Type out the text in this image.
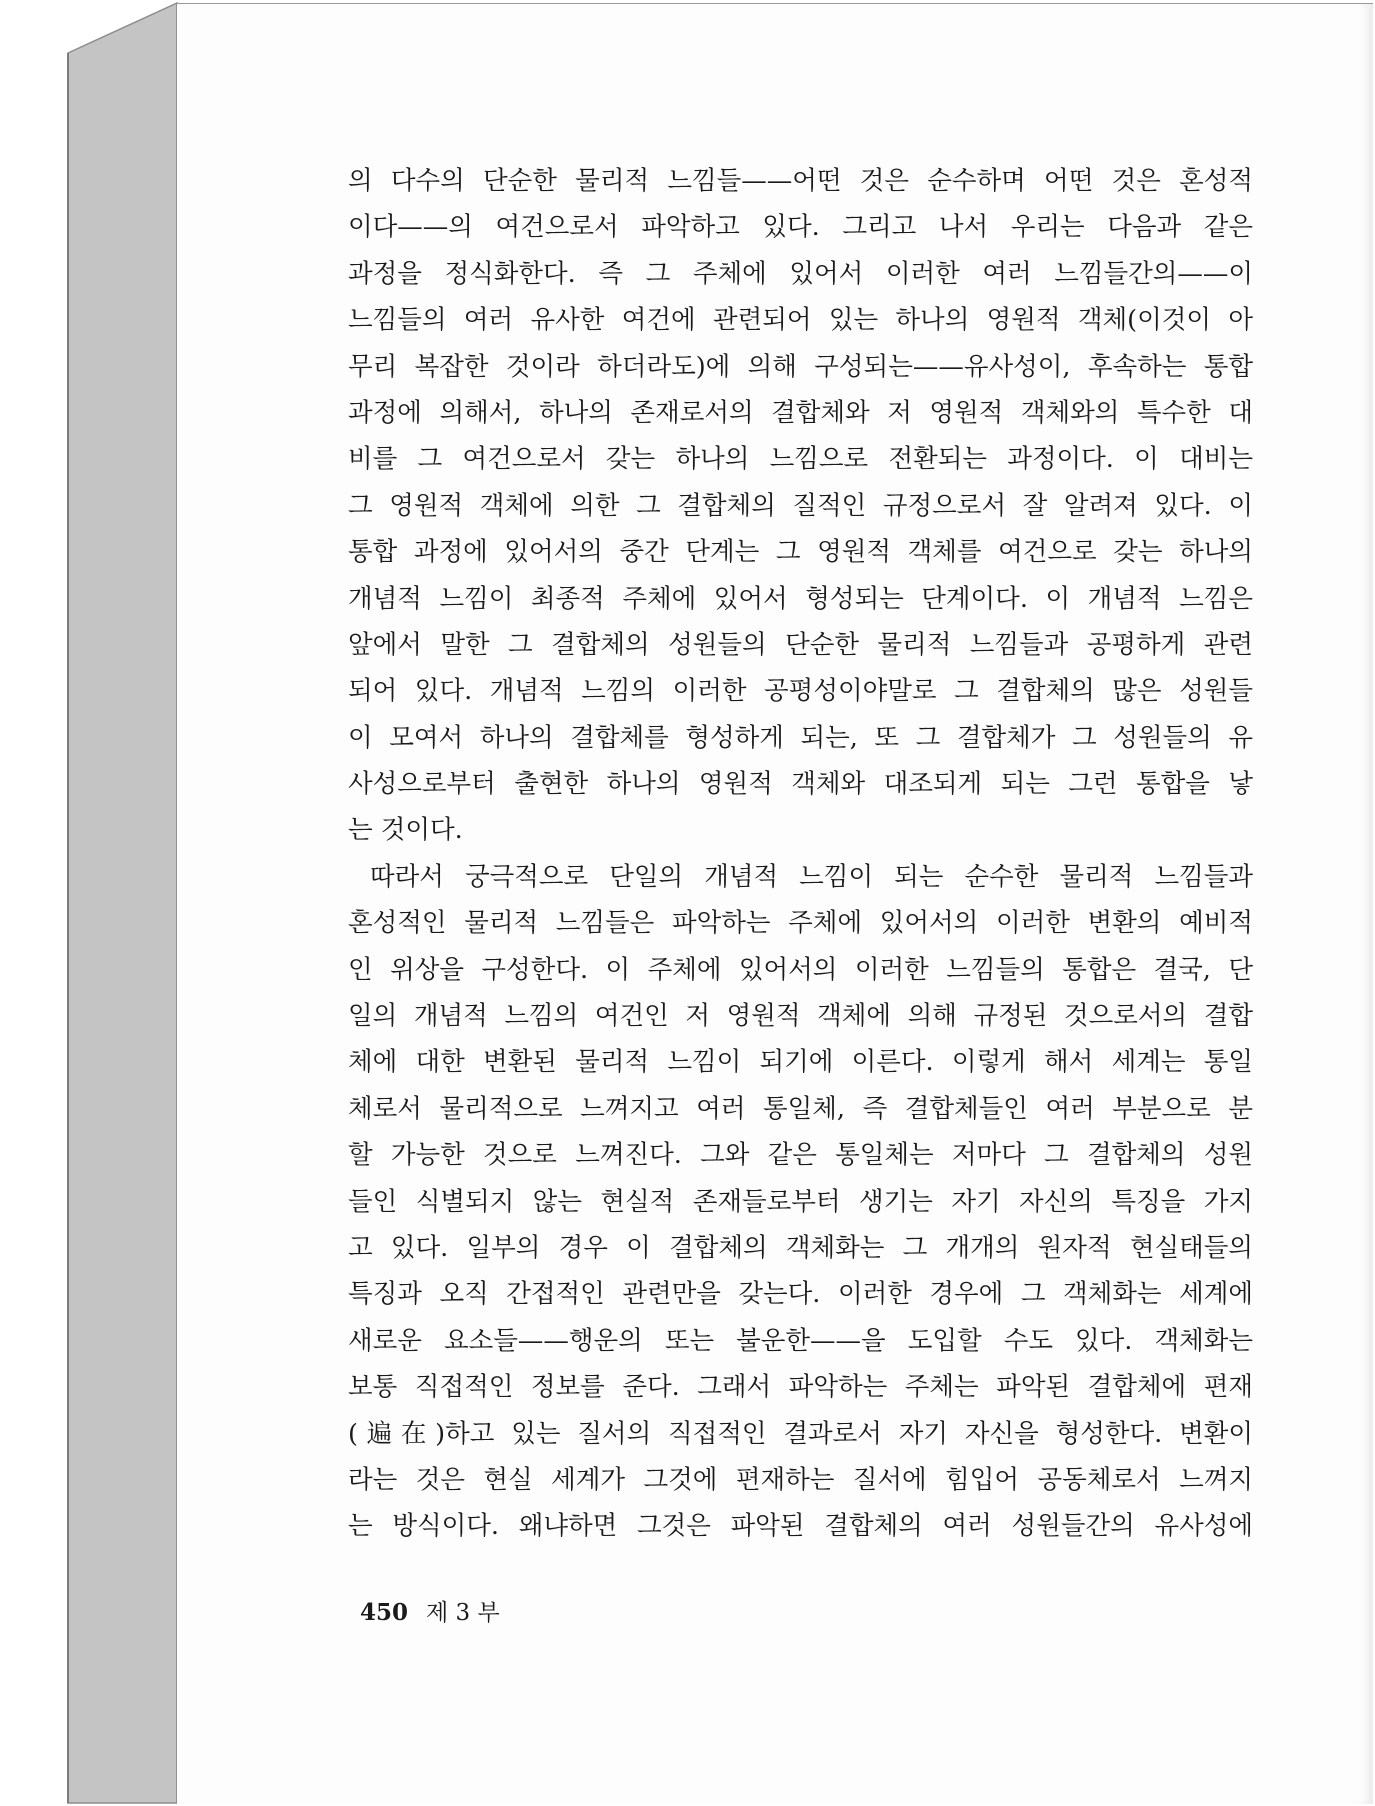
의 다수의 단순한 물리적 느낌들——어떤 것은 순수하며 어떤 것은 혼성적
이다——의 여건으로서 파악하고 있다. 그리고 나서 우리는 다음과 같은
과정을 정식화한다. 즉 그 주체에 있어서 이러한 여러 느낌들간의——이
느낌들의 여러 유사한 여건에 관련되어 있는 하나의 영원적 객체(이것이 아
무리 복잡한 것이라 하더라도)에 의해 구성되는——유사성이, 후속하는 통합
과정에 의해서, 하나의 존재로서의 결합체와 저 영원적 객체와의 특수한 대
비를 그 여건으로서 갖는 하나의 느낌으로 전환되는 과정이다. 이 대비는
그 영원적 객체에 의한 그 결합체의 질적인 규정으로서 잘 알려져 있다. 이
통합 과정에 있어서의 중간 단계는 그 영원적 객체를 여건으로 갖는 하나의
개념적 느낌이 최종적 주체에 있어서 형성되는 단계이다. 이 개념적 느낌은
앞에서 말한 그 결합체의 성원들의 단순한 물리적 느낌들과 공평하게 관련
되어 있다. 개념적 느낌의 이러한 공평성이야말로 그 결합체의 많은 성원들
이 모여서 하나의 결합체를 형성하게 되는, 또 그 결합체가 그 성원들의 유
사성으로부터 출현한 하나의 영원적 객체와 대조되게 되는 그런 통합을 낳
는 것이다.
따라서 궁극적으로 단일의 개념적 느낌이 되는 순수한 물리적 느낌들과
혼성적인 물리적 느낌들은 파악하는 주체에 있어서의 이러한 변환의 예비적
인 위상을 구성한다. 이 주체에 있어서의 이러한 느낌들의 통합은 결국, 단
일의 개념적 느낌의 여건인 저 영원적 객체에 의해 규정된 것으로서의 결합
체에 대한 변환된 물리적 느낌이 되기에 이른다. 이렇게 해서 세계는 통일
체로서 물리적으로 느껴지고 여러 통일체, 즉 결합체들인 여러 부분으로 분
할 가능한 것으로 느껴진다. 그와 같은 통일체는 저마다 그 결합체의 성원
들인 식별되지 않는 현실적 존재들로부터 생기는 자기 자신의 특징을 가지
고 있다. 일부의 경우 이 결합체의 객체화는 그 개개의 원자적 현실태들의
특징과 오직 간접적인 관련만을 갖는다. 이러한 경우에 그 객체화는 세계에
새로운 요소들——행운의 또는 불운한——을 도입할 수도 있다. 객체화는
보통 직접적인 정보를 준다. 그래서 파악하는 주체는 파악된 결합체에 편재
(遍在)하고 있는 질서의 직접적인 결과로서 자기 자신을 형성한다. 변환이
라는 것은 현실 세계가 그것에 편재하는 질서에 힘입어 공동체로서 느껴지
는 방식이다. 왜냐하면 그것은 파악된 결합체의 여러 성원들간의 유사성에
450 제 3 부
